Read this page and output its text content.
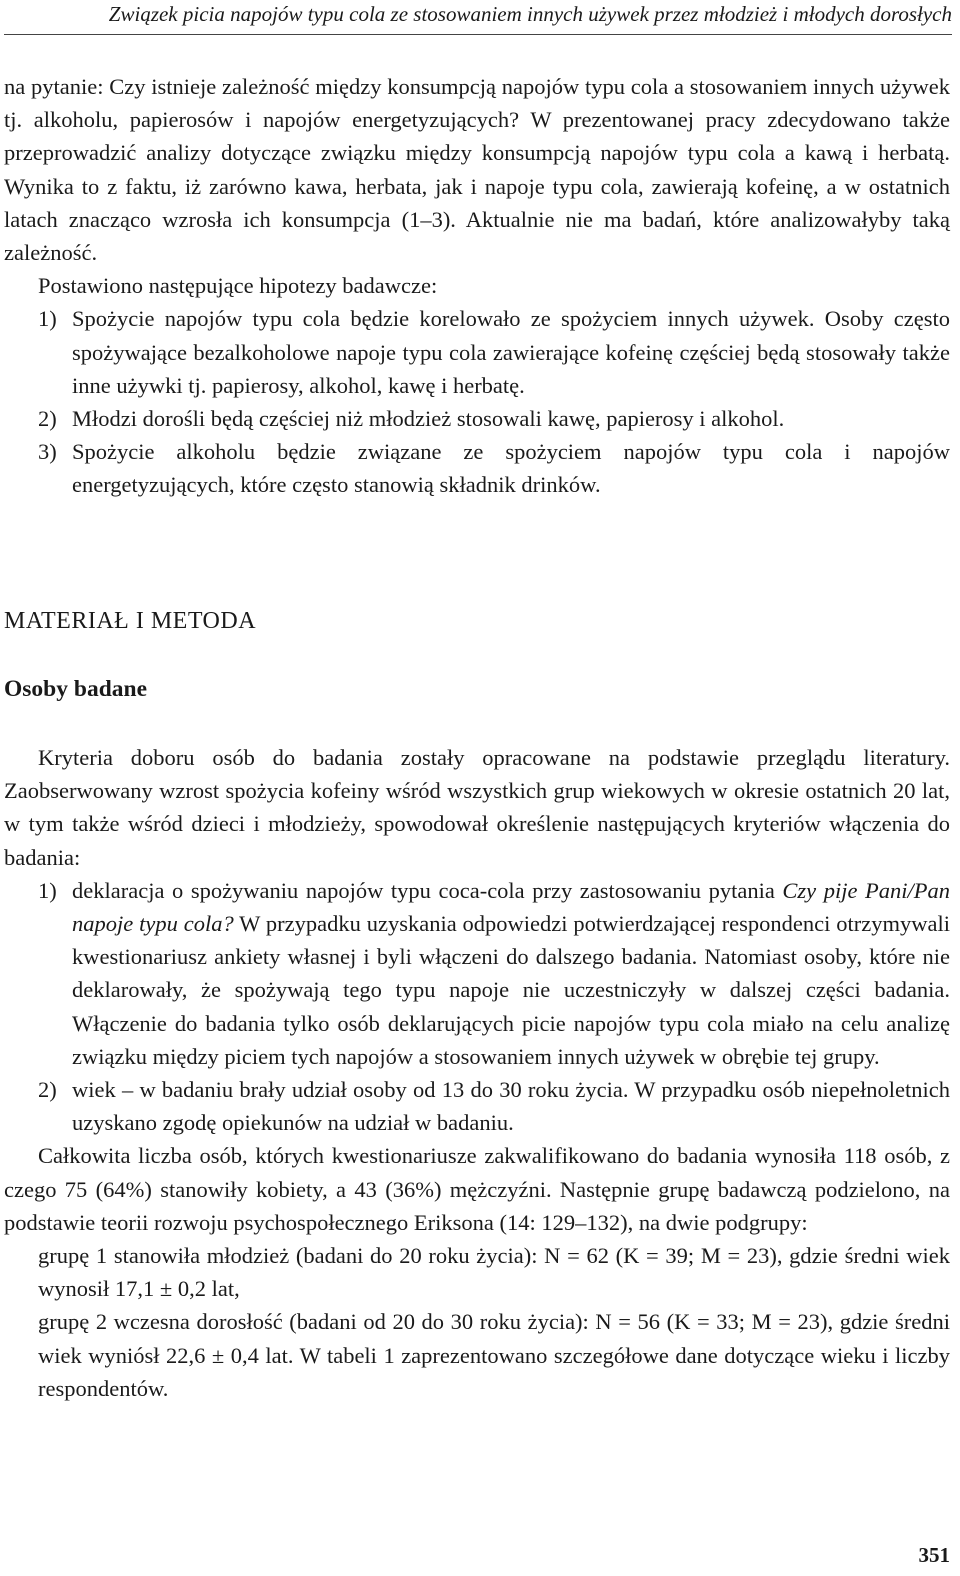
Związek picia napojów typu cola ze stosowaniem innych używek przez młodzież i młodych dorosłych

na pytanie: Czy istnieje zależność między konsumpcją napojów typu cola a stosowaniem innych używek tj. alkoholu, papierosów i napojów energetyzujących? W prezentowanej pracy zdecydowano także przeprowadzić analizy dotyczące związku między konsumpcją napojów typu cola a kawą i herbatą. Wynika to z faktu, iż zarówno kawa, herbata, jak i napoje typu cola, zawierają kofeinę, a w ostatnich latach znacząco wzrosła ich konsumpcja (1–3). Aktualnie nie ma badań, które analizowałyby taką zależność.

Postawiono następujące hipotezy badawcze:

1) Spożycie napojów typu cola będzie korelowało ze spożyciem innych używek. Osoby często spożywające bezalkoholowe napoje typu cola zawierające kofeinę częściej będą stosowały także inne używki tj. papierosy, alkohol, kawę i herbatę.
2) Młodzi dorośli będą częściej niż młodzież stosowali kawę, papierosy i alkohol.
3) Spożycie alkoholu będzie związane ze spożyciem napojów typu cola i napojów energetyzujących, które często stanowią składnik drinków.
MATERIAŁ I METODA
Osoby badane

Kryteria doboru osób do badania zostały opracowane na podstawie przeglądu literatury. Zaobserwowany wzrost spożycia kofeiny wśród wszystkich grup wiekowych w okresie ostatnich 20 lat, w tym także wśród dzieci i młodzieży, spowodował określenie następujących kryteriów włączenia do badania:

1) deklaracja o spożywaniu napojów typu coca-cola przy zastosowaniu pytania Czy pije Pani/Pan napoje typu cola? W przypadku uzyskania odpowiedzi potwierdzającej respondenci otrzymywali kwestionariusz ankiety własnej i byli włączeni do dalszego badania. Natomiast osoby, które nie deklarowały, że spożywają tego typu napoje nie uczestniczyły w dalszej części badania. Włączenie do badania tylko osób deklarujących picie napojów typu cola miało na celu analizę związku między piciem tych napojów a stosowaniem innych używek w obrębie tej grupy.
2) wiek – w badaniu brały udział osoby od 13 do 30 roku życia. W przypadku osób niepełnoletnich uzyskano zgodę opiekunów na udział w badaniu.

Całkowita liczba osób, których kwestionariusze zakwalifikowano do badania wynosiła 118 osób, z czego 75 (64%) stanowiły kobiety, a 43 (36%) mężczyźni. Następnie grupę badawczą podzielono, na podstawie teorii rozwoju psychospołecznego Eriksona (14: 129–132), na dwie podgrupy:

grupę 1 stanowiła młodzież (badani do 20 roku życia): N = 62 (K = 39; M = 23), gdzie średni wiek wynosił 17,1 ± 0,2 lat,
grupę 2 wczesna dorosłość (badani od 20 do 30 roku życia): N = 56 (K = 33; M = 23), gdzie średni wiek wyniósł 22,6 ± 0,4 lat. W tabeli 1 zaprezentowano szczegółowe dane dotyczące wieku i liczby respondentów.
351
